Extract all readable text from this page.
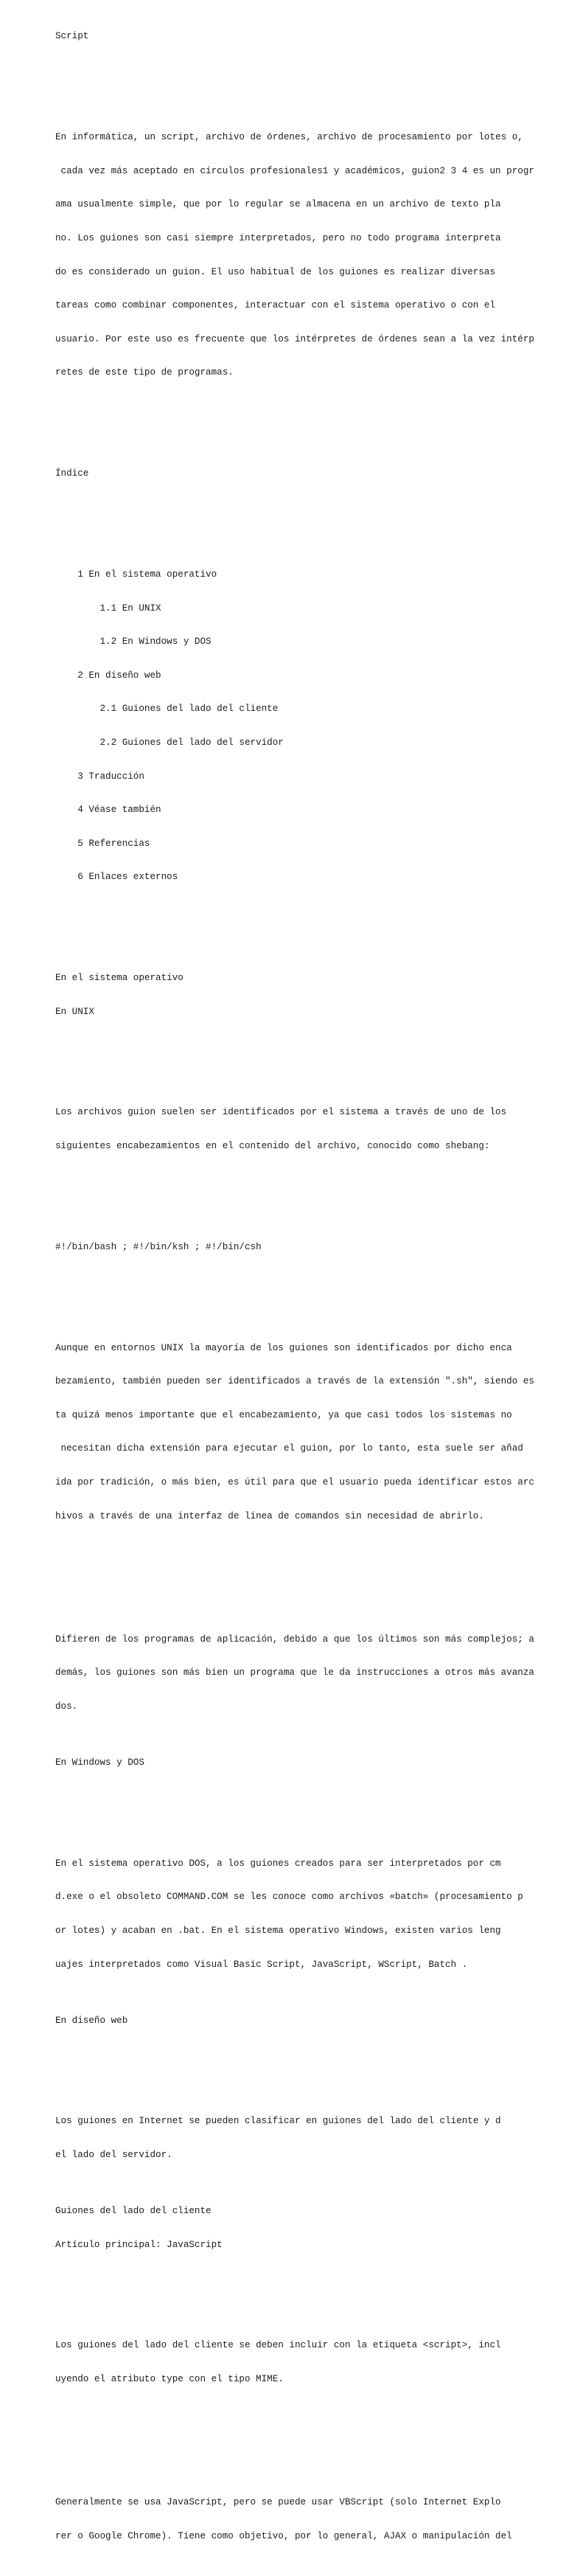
Script

En informática, un script, archivo de órdenes, archivo de procesamiento por lotes o,

cada vez más aceptado en círculos profesionales1 y académicos, guion2 3 4 es un progr

ama usualmente simple, que por lo regular se almacena en un archivo de texto pla

no. Los guiones son casi siempre interpretados, pero no todo programa interpreta

do es considerado un guion. El uso habitual de los guiones es realizar diversas

tareas como combinar componentes, interactuar con el sistema operativo o con el

usuario. Por este uso es frecuente que los intérpretes de órdenes sean a la vez intérp

retes de este tipo de programas.

Índice

1 En el sistema operativo

1.1 En UNIX

1.2 En Windows y DOS

2 En diseño web

2.1 Guiones del lado del cliente

2.2 Guiones del lado del servidor

3 Traducción

4 Véase también

5 Referencias

6 Enlaces externos

En el sistema operativo

En UNIX

Los archivos guion suelen ser identificados por el sistema a través de uno de los

siguientes encabezamientos en el contenido del archivo, conocido como shebang:

#!/bin/bash ; #!/bin/ksh ; #!/bin/csh

Aunque en entornos UNIX la mayoría de los guiones son identificados por dicho enca

bezamiento, también pueden ser identificados a través de la extensión ".sh", siendo es

ta quizá menos importante que el encabezamiento, ya que casi todos los sistemas no

necesitan dicha extensión para ejecutar el guion, por lo tanto, esta suele ser añad

ida por tradición, o más bien, es útil para que el usuario pueda identificar estos arc

hivos a través de una interfaz de línea de comandos sin necesidad de abrirlo.

Difieren de los programas de aplicación, debido a que los últimos son más complejos; a

demás, los guiones son más bien un programa que le da instrucciones a otros más avanza

dos.

En Windows y DOS

En el sistema operativo DOS, a los guiones creados para ser interpretados por cm

d.exe o el obsoleto COMMAND.COM se les conoce como archivos «batch» (procesamiento p

or lotes) y acaban en .bat. En el sistema operativo Windows, existen varios leng

uajes interpretados como Visual Basic Script, JavaScript, WScript, Batch .

En diseño web

Los guiones en Internet se pueden clasificar en guiones del lado del cliente y d

el lado del servidor.

Guiones del lado del cliente

Artículo principal: JavaScript

Los guiones del lado del cliente se deben incluir con la etiqueta <script>, incl

uyendo el atributo type con el tipo MIME.

Generalmente se usa JavaScript, pero se puede usar VBScript (solo Internet Explo

rer o Google Chrome). Tiene como objetivo, por lo general, AJAX o manipulación del
